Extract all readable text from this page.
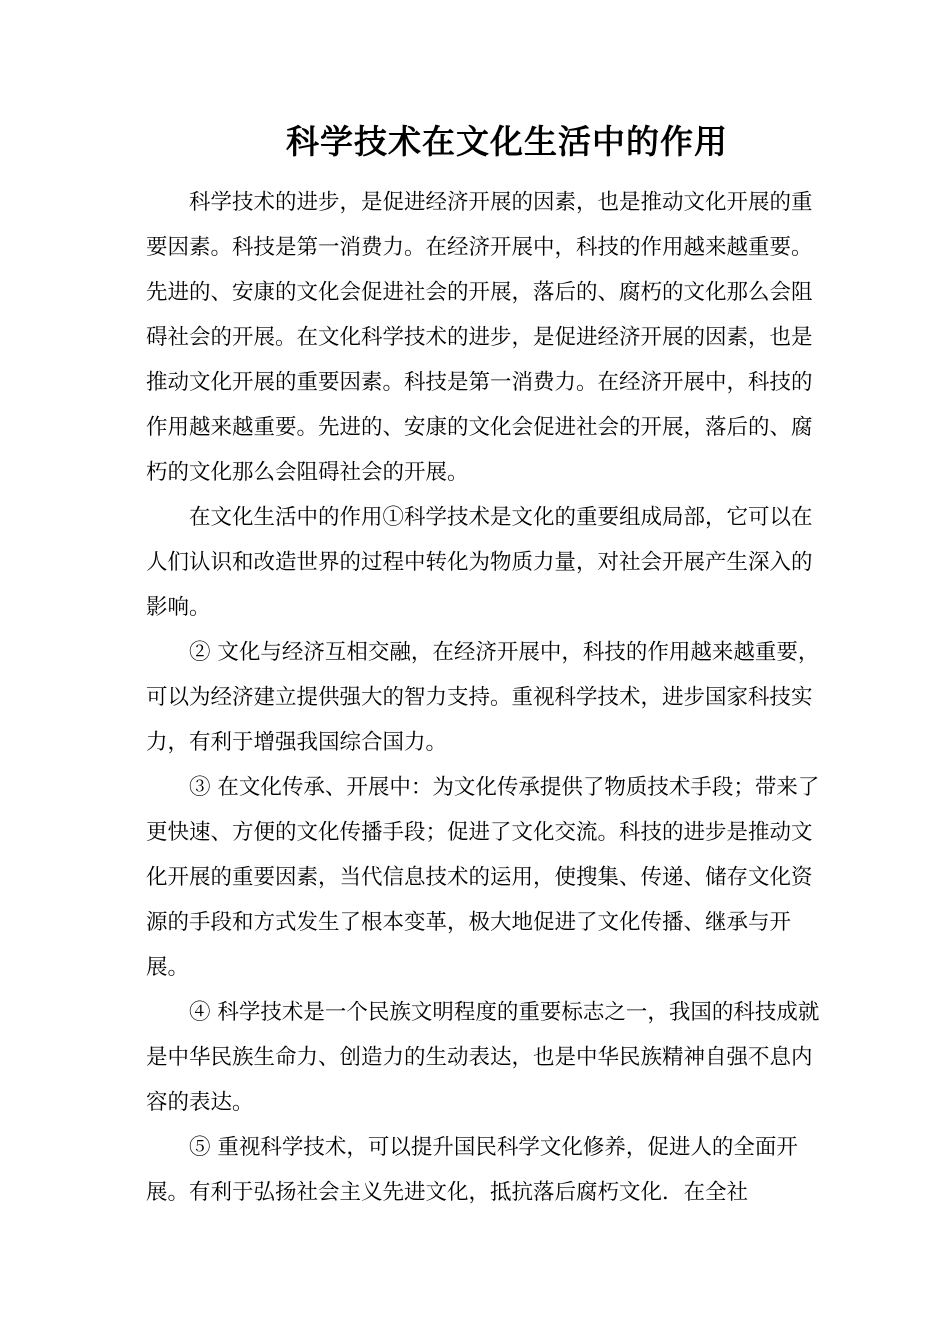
科学技术在文化生活中的作用

科学技术的进步，是促进经济开展的因素，也是推动文化开展的重要因素。科技是第一消费力。在经济开展中，科技的作用越来越重要。先进的、安康的文化会促进社会的开展，落后的、腐朽的文化那么会阻碍社会的开展。在文化科学技术的进步，是促进经济开展的因素，也是推动文化开展的重要因素。科技是第一消费力。在经济开展中，科技的作用越来越重要。先进的、安康的文化会促进社会的开展，落后的、腐朽的文化那么会阻碍社会的开展。

在文化生活中的作用①科学技术是文化的重要组成局部，它可以在人们认识和改造世界的过程中转化为物质力量，对社会开展产生深入的影响。

② 文化与经济互相交融，在经济开展中，科技的作用越来越重要，可以为经济建立提供强大的智力支持。重视科学技术，进步国家科技实力，有利于增强我国综合国力。

③ 在文化传承、开展中：为文化传承提供了物质技术手段；带来了更快速、方便的文化传播手段；促进了文化交流。科技的进步是推动文化开展的重要因素，当代信息技术的运用，使搜集、传递、储存文化资源的手段和方式发生了根本变革，极大地促进了文化传播、继承与开展。

④ 科学技术是一个民族文明程度的重要标志之一，我国的科技成就是中华民族生命力、创造力的生动表达，也是中华民族精神自强不息内容的表达。

⑤ 重视科学技术，可以提升国民科学文化修养，促进人的全面开展。有利于弘扬社会主义先进文化，抵抗落后腐朽文化．在全社
